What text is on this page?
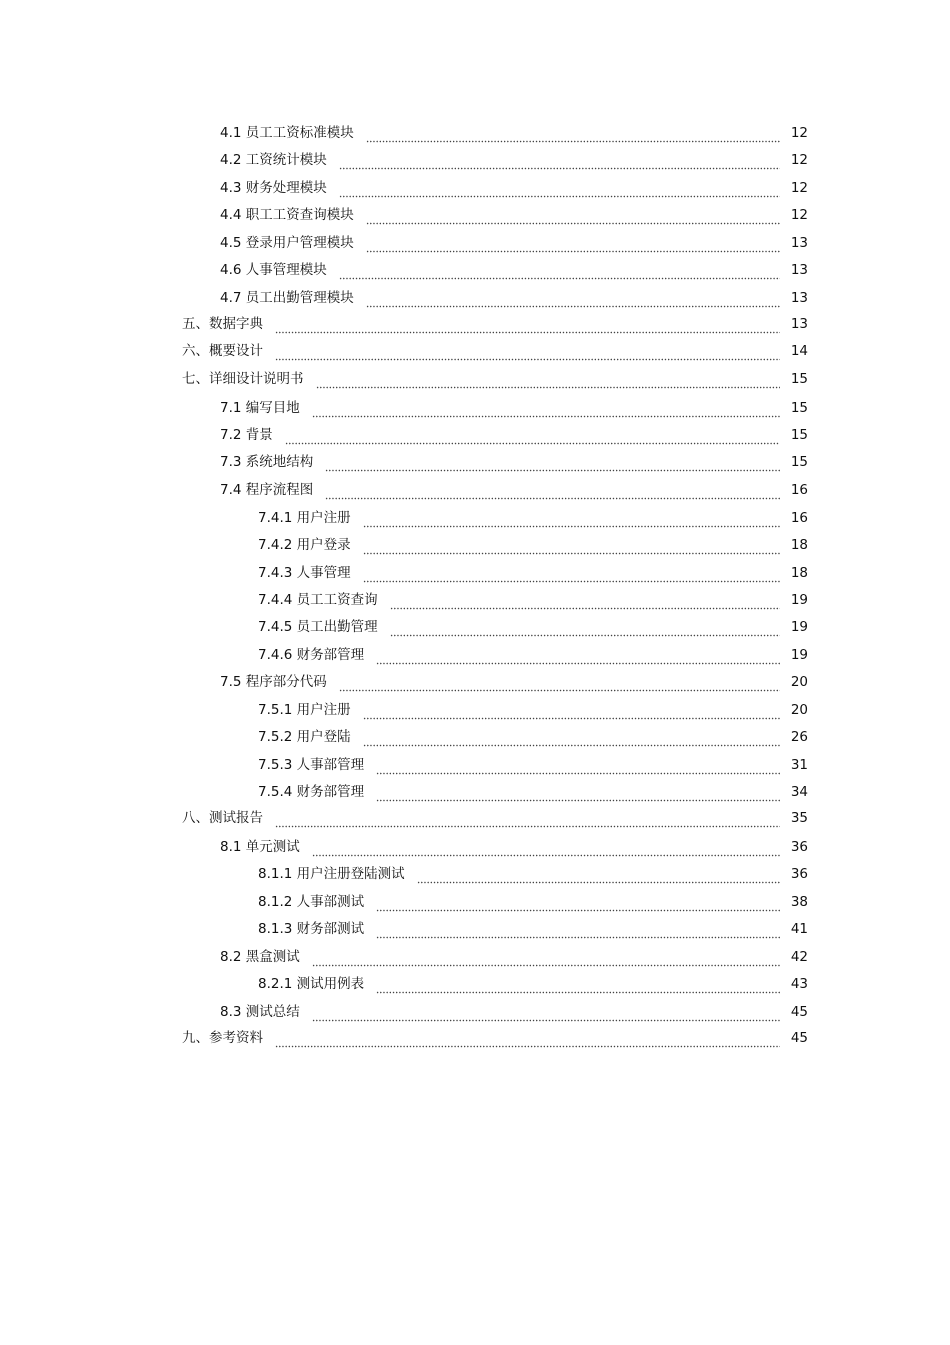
4.1 员工工资标准模块	12
4.2 工资统计模块	12
4.3 财务处理模块	12
4.4 职工工资查询模块	12
4.5 登录用户管理模块	13
4.6 人事管理模块	13
4.7 员工出勤管理模块	13
五、数据字典	13
六、概要设计	14
七、详细设计说明书	15
7.1 编写目地	15
7.2 背景	15
7.3 系统地结构	15
7.4 程序流程图	16
7.4.1 用户注册	16
7.4.2 用户登录	18
7.4.3 人事管理	18
7.4.4 员工工资查询	19
7.4.5 员工出勤管理	19
7.4.6 财务部管理	19
7.5 程序部分代码	20
7.5.1 用户注册	20
7.5.2 用户登陆	26
7.5.3 人事部管理	31
7.5.4 财务部管理	34
八、测试报告	35
8.1 单元测试	36
8.1.1 用户注册登陆测试	36
8.1.2 人事部测试	38
8.1.3 财务部测试	41
8.2 黑盒测试	42
8.2.1 测试用例表	43
8.3 测试总结	45
九、参考资料	45
